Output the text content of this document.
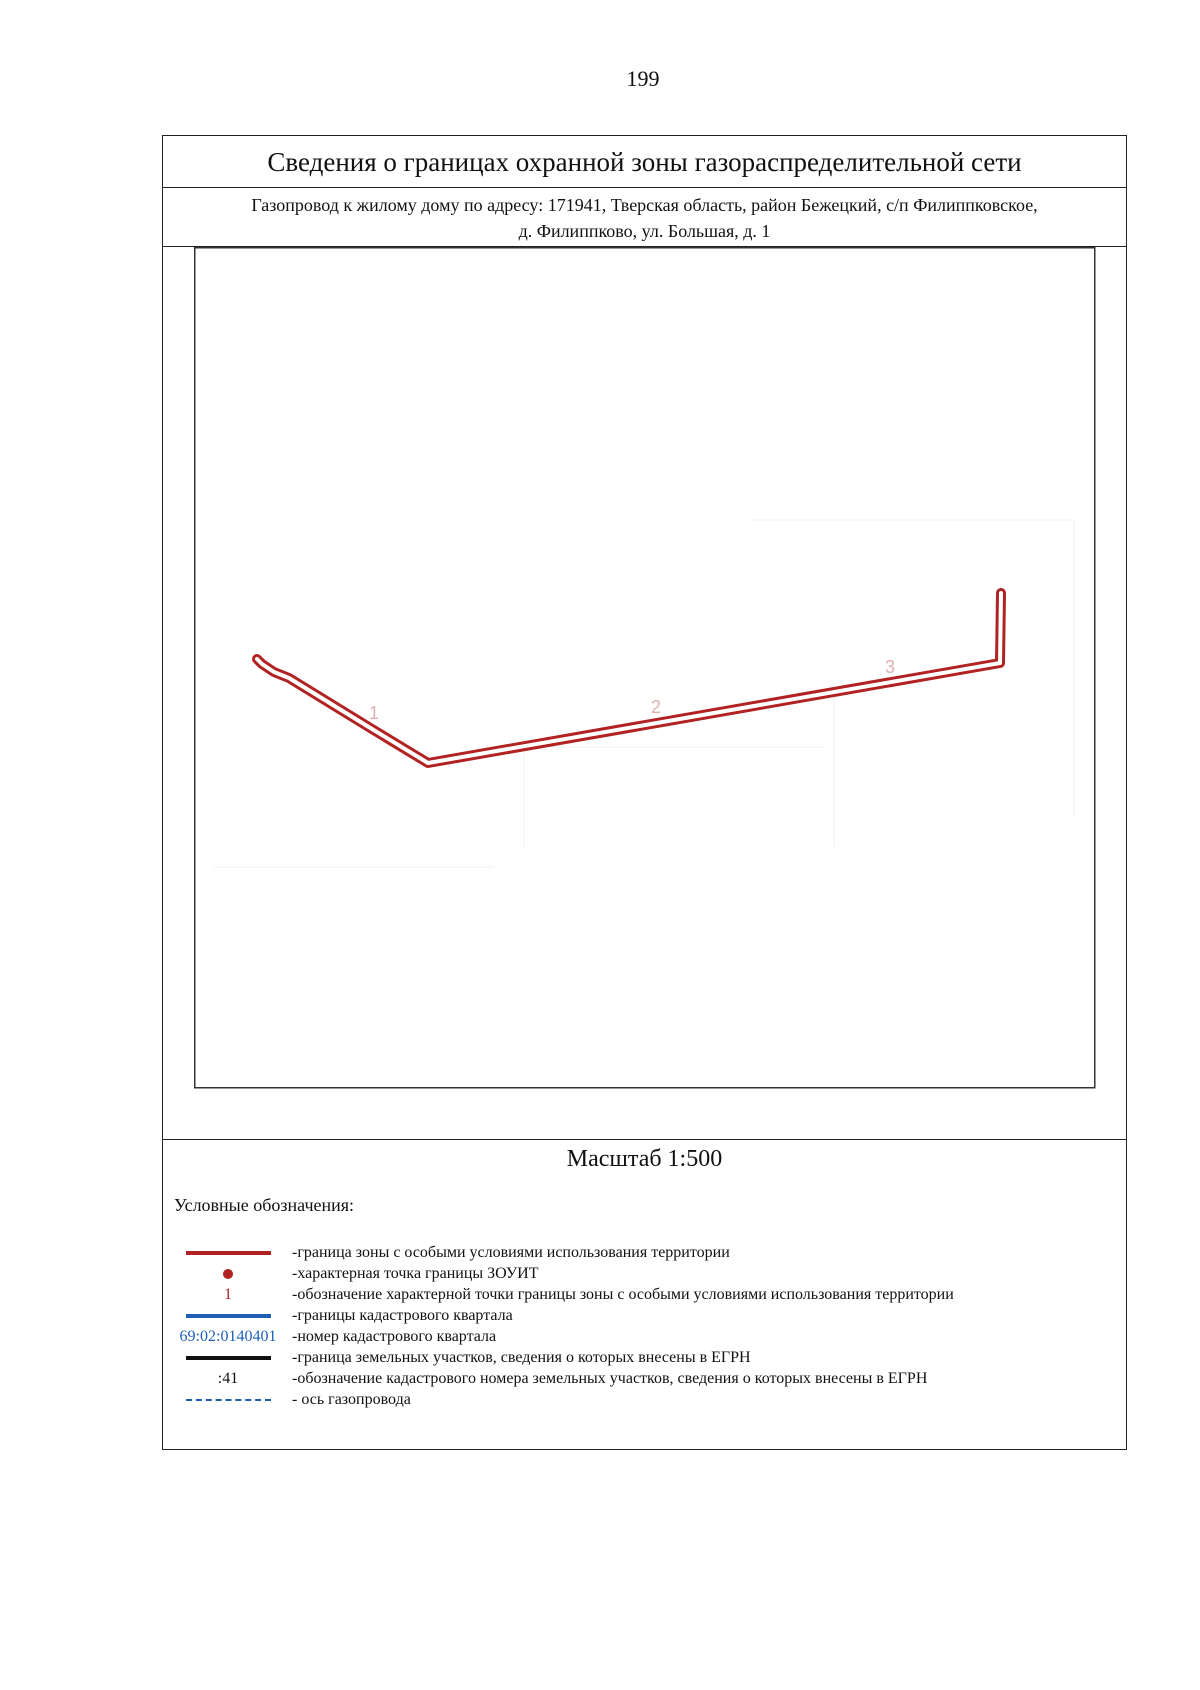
199
Сведения о границах охранной зоны газораспределительной сети
Газопровод к жилому дому по адресу: 171941, Тверская область, район Бежецкий, с/п Филиппковское,
д. Филиппково, ул. Большая, д. 1
1	2
3
Масштаб 1:500
Условные обозначения:
-граница зоны с особыми условиями использования территории
-характерная точка границы ЗОУИТ
1	-обозначение характерной точки границы зоны с особыми условиями использования территории
-границы кадастрового квартала
69:02:0140401 -номер кадастрового квартала
-граница земельных участков, сведения о которых внесены в ЕГРН
:41	-обозначение кадастрового номера земельных участков, сведения о которых внесены в ЕГРН
- ось газопровода
